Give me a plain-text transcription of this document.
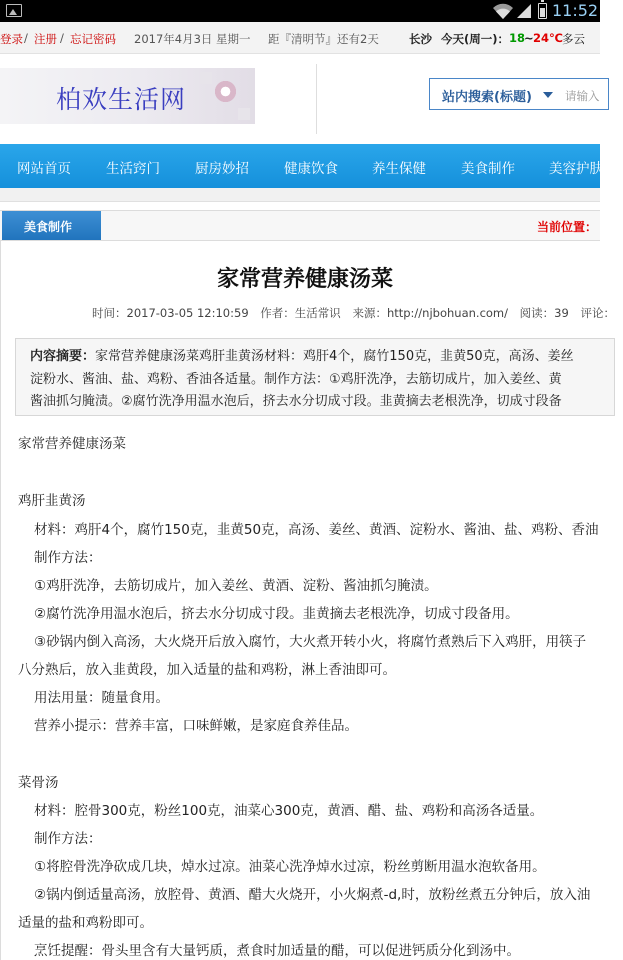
11:52
登录 / 注册 / 忘记密码 2017年4月3日 星期一 距『清明节』还有2天	长沙 今天(周一)： 18
~ 24℃ 多云
柏欢生活网	站内搜索(标题)	请输入
网站首页	生活窍门	厨房妙招	健康饮食	养生保健	美食制作	美容护肤
美食制作	当前位置：
家常营养健康汤菜
时间：2017-03-05 12:10:59 作者：生活常识 来源：http://njbohuan.com/ 阅读：39 评论：
内容摘要：家常营养健康汤菜鸡肝韭黄汤材料：鸡肝4个，腐竹150克，韭黄50克，高汤、姜丝
淀粉水、酱油、盐、鸡粉、香油各适量。制作方法：①鸡肝洗净，去筋切成片，加入姜丝、黄
酱油抓匀腌渍。②腐竹洗净用温水泡后，挤去水分切成寸段。韭黄摘去老根洗净，切成寸段备
家常营养健康汤菜
鸡肝韭黄汤
材料：鸡肝4个，腐竹150克，韭黄50克，高汤、姜丝、黄酒、淀粉水、酱油、盐、鸡粉、香油
制作方法：
①鸡肝洗净，去筋切成片，加入姜丝、黄酒、淀粉、酱油抓匀腌渍。
②腐竹洗净用温水泡后，挤去水分切成寸段。韭黄摘去老根洗净，切成寸段备用。
③砂锅内倒入高汤，大火烧开后放入腐竹，大火煮开转小火，将腐竹煮熟后下入鸡肝，用筷子
八分熟后，放入韭黄段，加入适量的盐和鸡粉，淋上香油即可。
用法用量：随量食用。
营养小提示：营养丰富，口味鲜嫩，是家庭食养佳品。
菜骨汤
材料：腔骨300克，粉丝100克，油菜心300克，黄酒、醋、盐、鸡粉和高汤各适量。
制作方法：
①将腔骨洗净砍成几块，焯水过凉。油菜心洗净焯水过凉，粉丝剪断用温水泡软备用。
②锅内倒适量高汤，放腔骨、黄酒、醋大火烧开，小火焖煮-d,时，放粉丝煮五分钟后，放入油
适量的盐和鸡粉即可。
烹饪提醒：骨头里含有大量钙质，煮食时加适量的醋，可以促进钙质分化到汤中。
